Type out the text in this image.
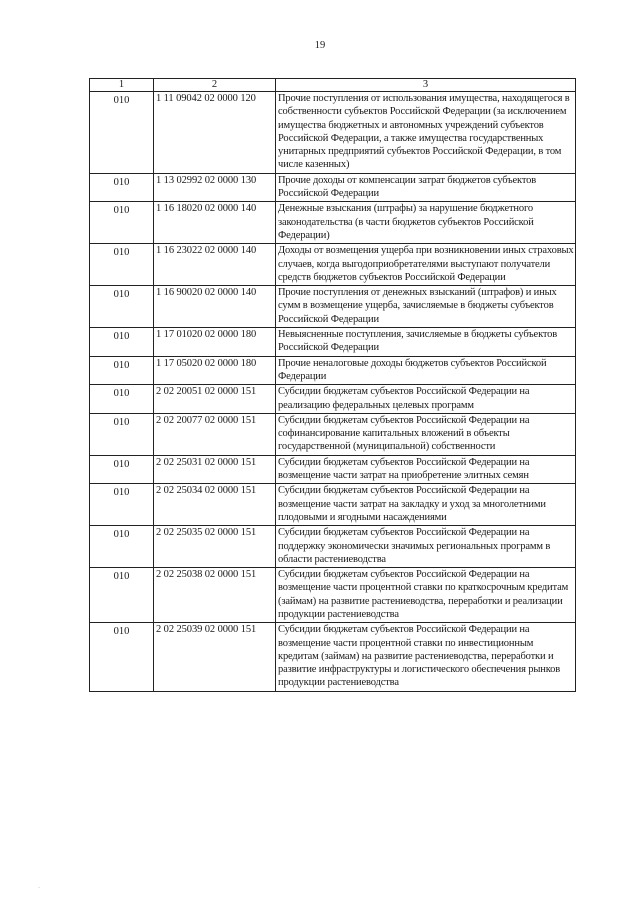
19
1	2	3
010	1 11 09042 02 0000 120	Прочие поступления от использования имущества, находящегося в собственности субъектов Российской Федерации (за исключением имущества бюджетных и автономных учреждений субъектов Российской Федерации, а также имущества государственных унитарных предприятий субъектов Российской Федерации, в том числе казенных)
010	1 13 02992 02 0000 130	Прочие доходы от компенсации затрат бюджетов субъектов Российской Федерации
010	1 16 18020 02 0000 140	Денежные взыскания (штрафы) за нарушение бюджетного законодательства (в части бюджетов субъектов Российской Федерации)
010	1 16 23022 02 0000 140	Доходы от возмещения ущерба при возникновении иных страховых случаев, когда выгодоприобретателями выступают получатели средств бюджетов субъектов Российской Федерации
010	1 16 90020 02 0000 140	Прочие поступления от денежных взысканий (штрафов) и иных сумм в возмещение ущерба, зачисляемые в бюджеты субъектов Российской Федерации
010	1 17 01020 02 0000 180	Невыясненные поступления, зачисляемые в бюджеты субъектов Российской Федерации
010	1 17 05020 02 0000 180	Прочие неналоговые доходы бюджетов субъектов Российской Федерации
010	2 02 20051 02 0000 151	Субсидии бюджетам субъектов Российской Федерации на реализацию федеральных целевых программ
010	2 02 20077 02 0000 151	Субсидии бюджетам субъектов Российской Федерации на софинансирование капитальных вложений в объекты государственной (муниципальной) собственности
010	2 02 25031 02 0000 151	Субсидии бюджетам субъектов Российской Федерации на возмещение части затрат на приобретение элитных семян
010	2 02 25034 02 0000 151	Субсидии бюджетам субъектов Российской Федерации на возмещение части затрат на закладку и уход за многолетними плодовыми и ягодными насаждениями
010	2 02 25035 02 0000 151	Субсидии бюджетам субъектов Российской Федерации на поддержку экономически значимых региональных программ в области растениеводства
010	2 02 25038 02 0000 151	Субсидии бюджетам субъектов Российской Федерации на возмещение части процентной ставки по краткосрочным кредитам (займам) на развитие растениеводства, переработки и реализации продукции растениеводства
010	2 02 25039 02 0000 151	Субсидии бюджетам субъектов Российской Федерации на возмещение части процентной ставки по инвестиционным кредитам (займам) на развитие растениеводства, переработки и развитие инфраструктуры и логистического обеспечения рынков продукции растениеводства
·
